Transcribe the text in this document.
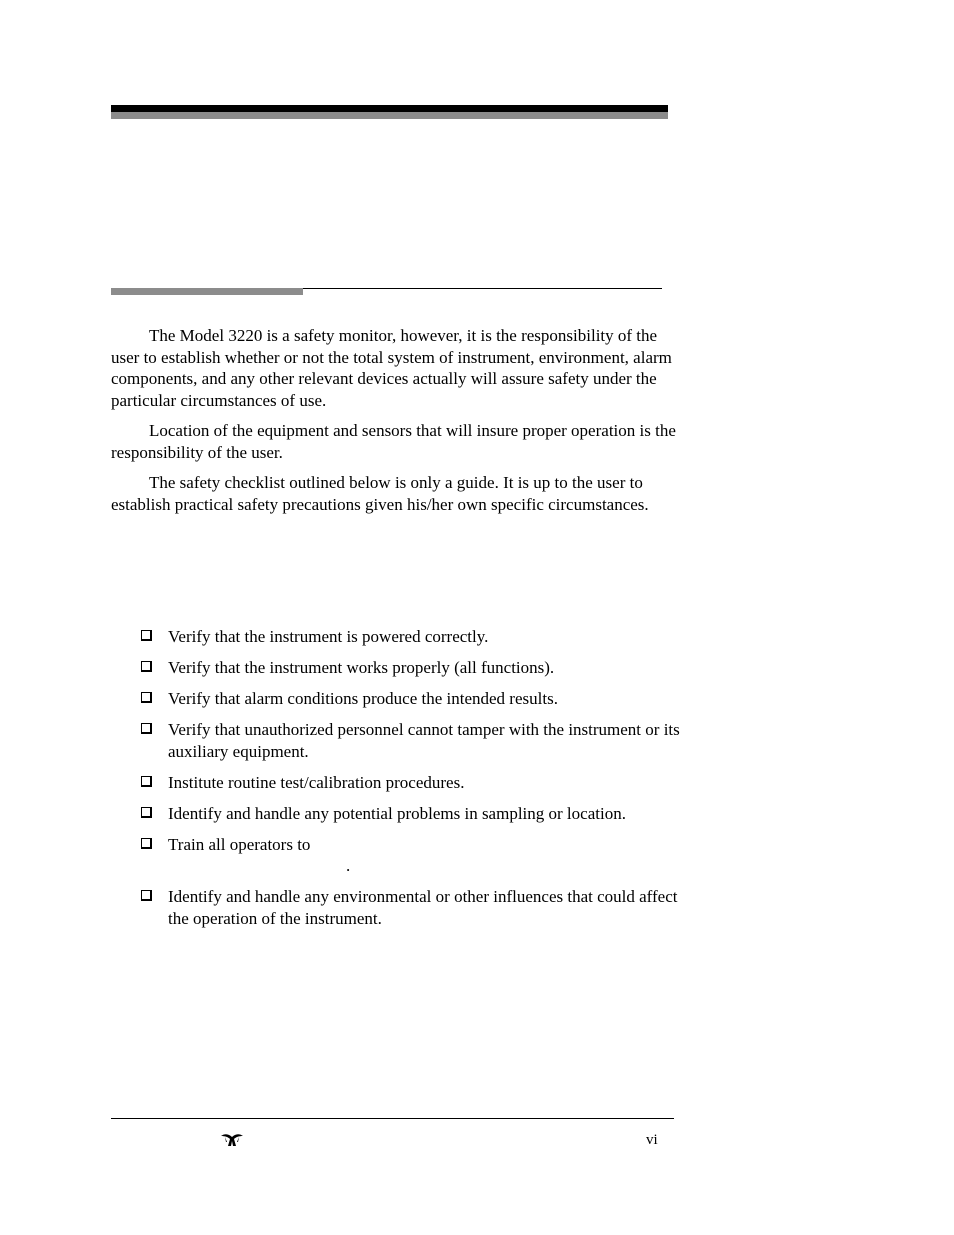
The Model 3220 is a safety monitor, however, it is the responsibility of the user to establish whether or not the total system of instrument, environment, alarm components, and any other relevant devices actually will assure safety under the particular circumstances of use.

Location of the equipment and sensors that will insure proper operation is the responsibility of the user.

The safety checklist outlined below is only a guide. It is up to the user to establish practical safety precautions given his/her own specific circumstances.

Verify that the instrument is powered correctly.
Verify that the instrument works properly (all functions).
Verify that alarm conditions produce the intended results.
Verify that unauthorized personnel cannot tamper with the instrument or its auxiliary equipment.
Institute routine test/calibration procedures.
Identify and handle any potential problems in sampling or location.
Train all operators to
.
Identify and handle any environmental or other influences that could affect the operation of the instrument.
vi
